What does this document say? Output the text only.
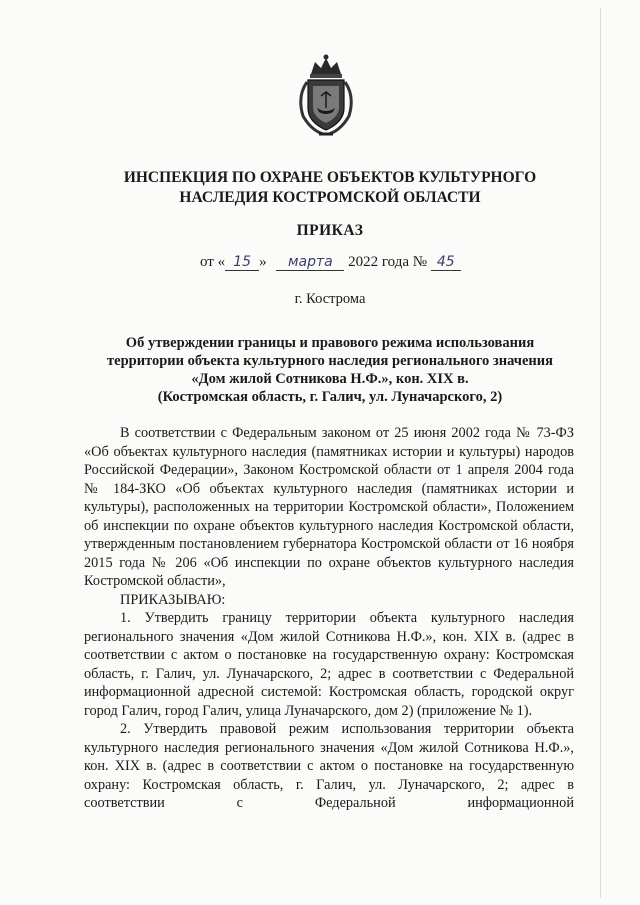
ИНСПЕКЦИЯ ПО ОХРАНЕ ОБЪЕКТОВ КУЛЬТУРНОГО
НАСЛЕДИЯ КОСТРОМСКОЙ ОБЛАСТИ
ПРИКАЗ
от « 15 » марта 2022 года № 45
г. Кострома
Об утверждении границы и правового режима использования
территории объекта культурного наследия регионального значения
«Дом жилой Сотникова Н.Ф.», кон. XIX в.
(Костромская область, г. Галич, ул. Луначарского, 2)

В соответствии с Федеральным законом от 25 июня 2002 года № 73-ФЗ «Об объектах культурного наследия (памятниках истории и культуры) народов Российской Федерации», Законом Костромской области от 1 апреля 2004 года № 184-ЗКО «Об объектах культурного наследия (памятниках истории и культуры), расположенных на территории Костромской области», Положением об инспекции по охране объектов культурного наследия Костромской области, утвержденным постановлением губернатора Костромской области от 16 ноября 2015 года № 206 «Об инспекции по охране объектов культурного наследия Костромской области»,

ПРИКАЗЫВАЮ:

1. Утвердить границу территории объекта культурного наследия регионального значения «Дом жилой Сотникова Н.Ф.», кон. XIX в. (адрес в соответствии с актом о постановке на государственную охрану: Костромская область, г. Галич, ул. Луначарского, 2; адрес в соответствии с Федеральной информационной адресной системой: Костромская область, городской округ город Галич, город Галич, улица Луначарского, дом 2) (приложение № 1).

2. Утвердить правовой режим использования территории объекта культурного наследия регионального значения «Дом жилой Сотникова Н.Ф.», кон. XIX в. (адрес в соответствии с актом о постановке на государственную охрану: Костромская область, г. Галич, ул. Луначарского, 2; адрес в соответствии с Федеральной информационной
